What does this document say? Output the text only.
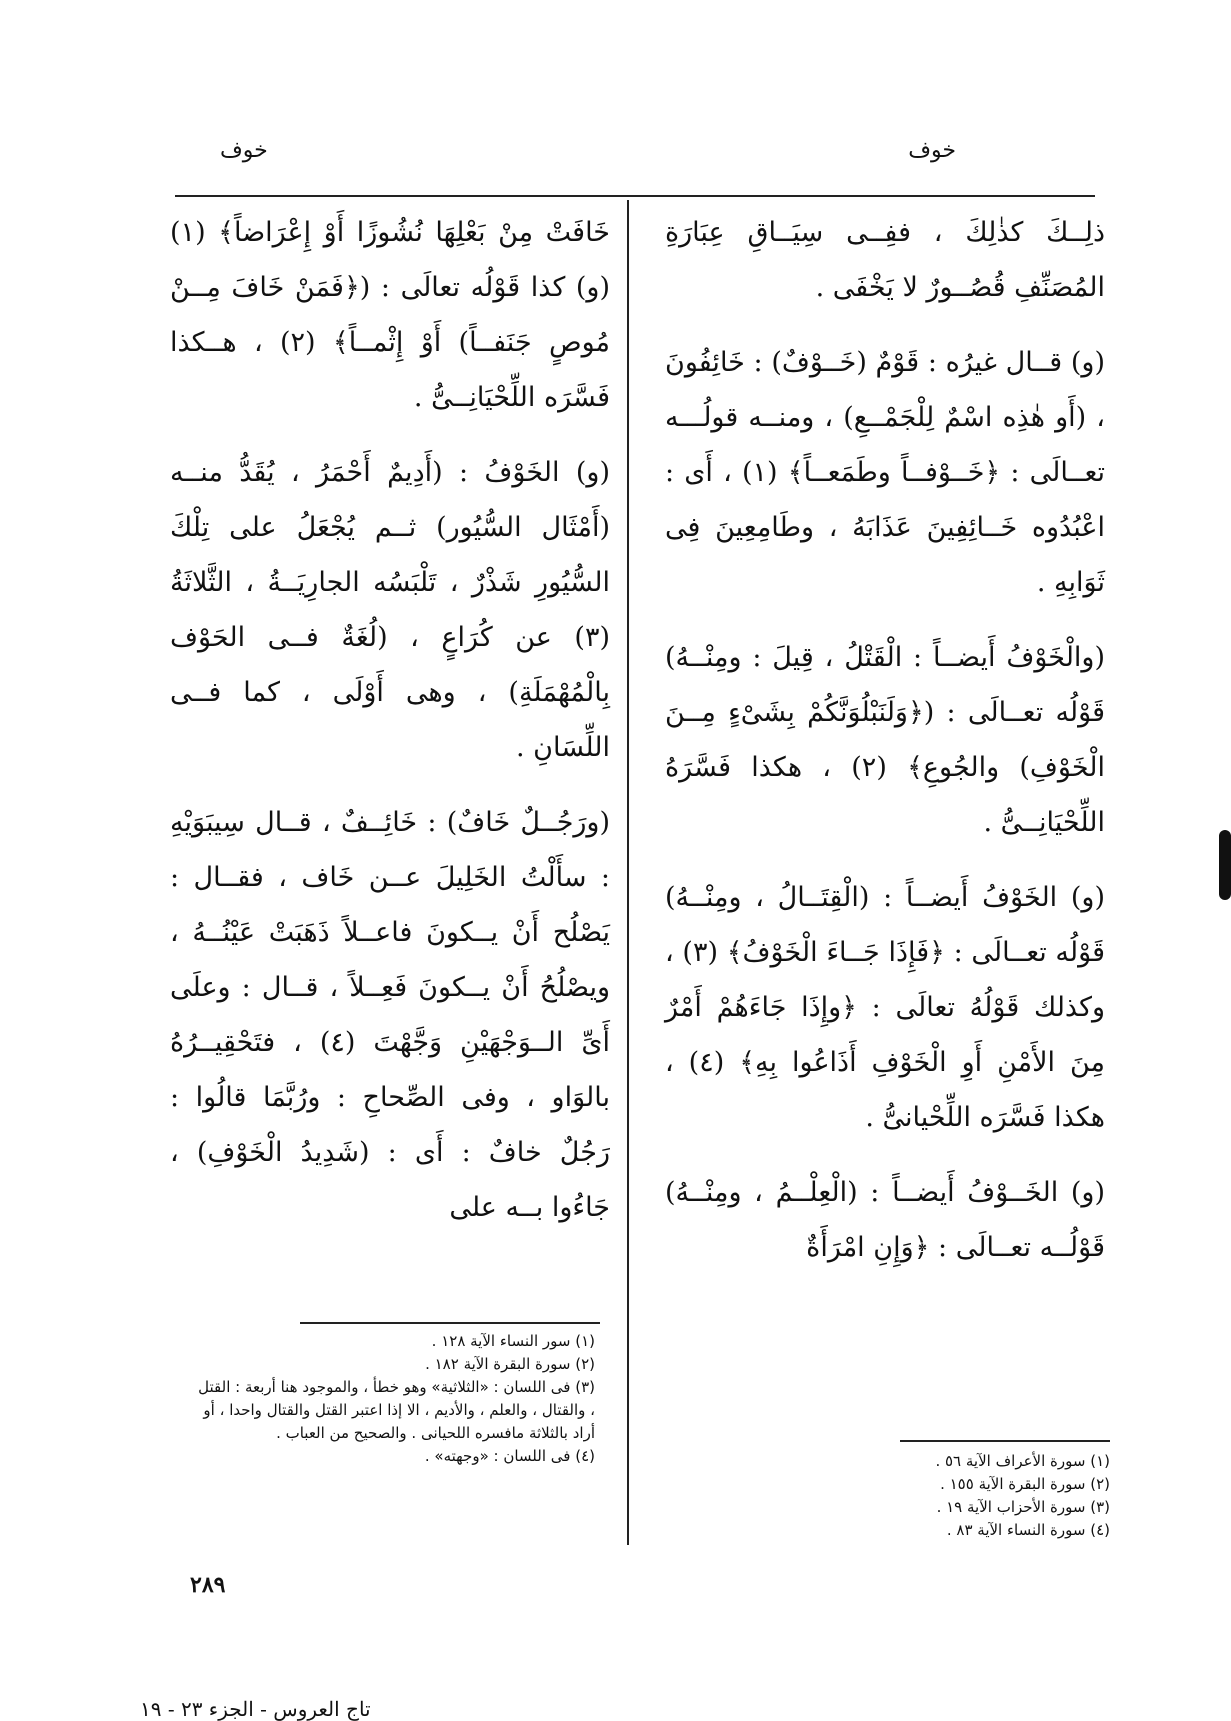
خوف
خوف

ذلِــكَ كذٰلِكَ ، ففِــى سِيَــاقِ عِبَارَةِ المُصَنِّفِ قُصُــورٌ لا يَخْفَى .

(و) قــال غيرُه : قَوْمٌ (خَــوْفٌ) : خَائِفُونَ ، (أَو هٰذِه اسْمٌ لِلْجَمْــعِ) ، ومنــه قولُـــه تعــالَى : ﴿خَــوْفــاً وطَمَعــاً﴾ (١) ، أَى : اعْبُدُوه خَــائِفِينَ عَذَابَهُ ، وطَامِعِينَ فِى ثَوَابِهِ .

(والْخَوْفُ أَيضــاً : الْقَتْلُ ، قِيلَ : ومِنْــهُ) قَوْلُه تعــالَى : (﴿وَلَنَبْلُوَنَّكُمْ بِشَىْءٍ مِــنَ الْخَوْفِ) والجُوعِ﴾ (٢) ، هكذا فَسَّرَهُ اللِّحْيَانِــىُّ .

(و) الخَوْفُ أَيضــاً : (الْقِتَــالُ ، ومِنْــهُ) قَوْلُه تعــالَى : ﴿فَإِذَا جَــاءَ الْخَوْفُ﴾ (٣) ، وكذلك قَوْلُهُ تعالَى : ﴿وإِذَا جَاءَهُمْ أَمْرٌ مِنَ الأَمْنِ أَوِ الْخَوْفِ أَذَاعُوا بِهِ﴾ (٤) ، هكذا فَسَّرَه اللِّحْيانىُّ .

(و) الخَــوْفُ أَيضــاً : (الْعِلْــمُ ، ومِنْــهُ) قَوْلُــه تعــالَى : ﴿وَإِنِ امْرَأَةٌ

خَافَتْ مِنْ بَعْلِهَا نُشُوزًا أَوْ إِعْرَاضاً﴾ (١) (و) كذا قَوْلُه تعالَى : (﴿فَمَنْ خَافَ مِــنْ مُوصٍ جَنَفــاً) أَوْ إِثْمــاً﴾ (٢) ، هــكذا فَسَّرَه اللِّحْيَانِــىُّ .

(و) الخَوْفُ : (أَدِيمٌ أَحْمَرُ ، يُقَدُّ منــه (أَمْثَال السُّيُور) ثــم يُجْعَلُ على تِلْكَ السُّيُورِ شَذْرٌ ، تَلْبَسُه الجارِيَــةُ ، الثَّلاثَةُ (٣) عن كُرَاعٍ ، (لُغَةٌ فــى الحَوْف بِالْمُهْمَلَةِ) ، وهى أَوْلَى ، كما فــى اللِّسَانِ .

(ورَجُــلٌ خَافٌ) : خَائِــفٌ ، قــال سِيبَوَيْهِ : سأَلْتُ الخَلِيلَ عــن خَاف ، فقــال : يَصْلُح أَنْ يــكونَ فاعــلاً ذَهَبَتْ عَيْنُــهُ ، ويصْلُحُ أَنْ يــكونَ فَعِــلاً ، قــال : وعلَى أَىِّ الــوَجْهَيْنِ وَجَّهْتَ (٤) ، فتَحْقِيــرُهُ بالوَاو ، وفى الصِّحاحِ : ورُبَّمَا قالُوا : رَجُلٌ خافٌ : أَى : (شَدِيدُ الْخَوْفِ) ، جَاءُوا بــه على

(١) سورة الأعراف الآية ٥٦ .
(٢) سورة البقرة الآية ١٥٥ .
(٣) سورة الأحزاب الآية ١٩ .
(٤) سورة النساء الآية ٨٣ .
(١) سور النساء الآية ١٢٨ .
(٢) سورة البقرة الآية ١٨٢ .
(٣) فى اللسان : «الثلاثية» وهو خطأ ، والموجود هنا أربعة : القتل ، والقتال ، والعلم ، والأديم ، الا إذا اعتبر القتل والقتال واحدا ، أو أراد بالثلاثة مافسره اللحيانى . والصحيح من العباب .
(٤) فى اللسان : «وجهته» .
٢٨٩
تاج العروس - الجزء ٢٣ - ١٩
